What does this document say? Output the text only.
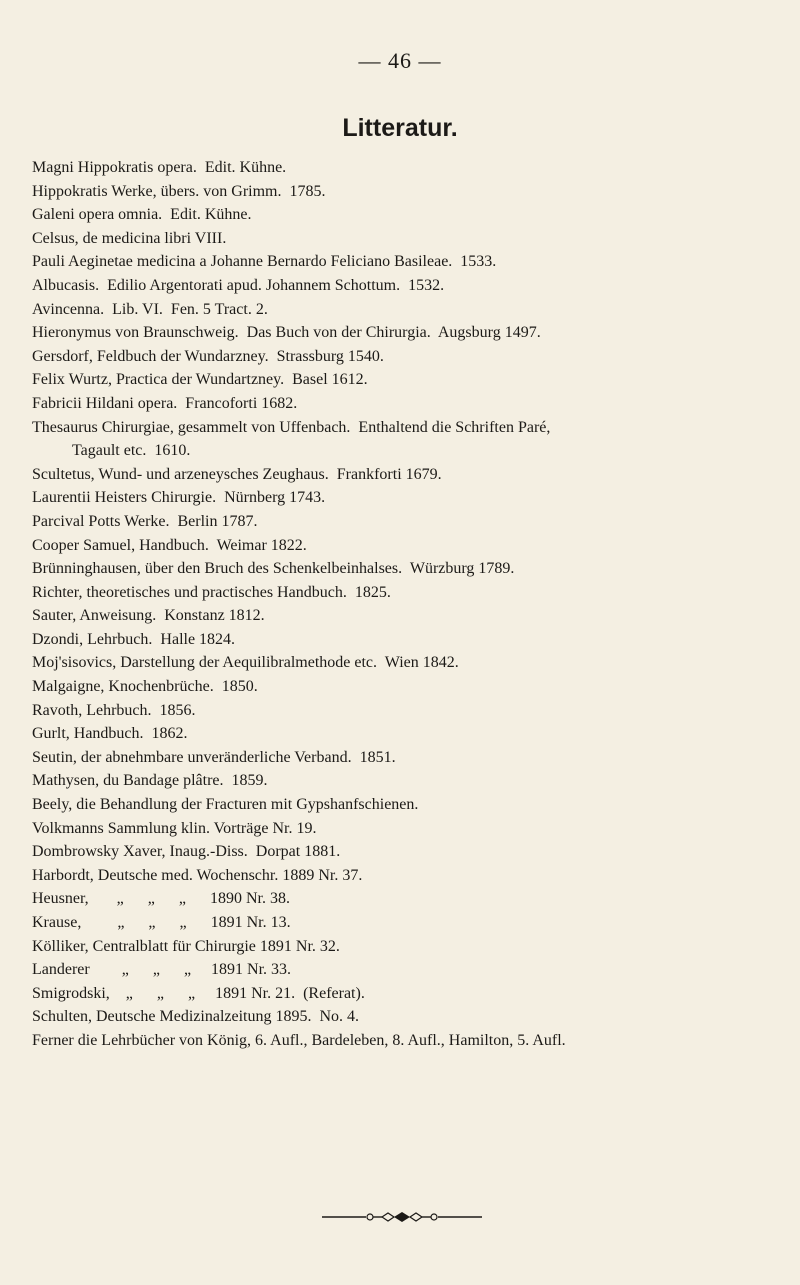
— 46 —
Litteratur.
Magni Hippokratis opera.  Edit. Kühne.
Hippokratis Werke, übers. von Grimm.  1785.
Galeni opera omnia.  Edit. Kühne.
Celsus, de medicina libri VIII.
Pauli Aeginetae medicina a Johanne Bernardo Feliciano Basileae.  1533.
Albucasis.  Edilio Argentorati apud. Johannem Schottum.  1532.
Avincenna.  Lib. VI.  Fen. 5 Tract. 2.
Hieronymus von Braunschweig.  Das Buch von der Chirurgia.  Augsburg 1497.
Gersdorf, Feldbuch der Wundarzney.  Strassburg 1540.
Felix Wurtz, Practica der Wundartzney.  Basel 1612.
Fabricii Hildani opera.  Francoforti 1682.
Thesaurus Chirurgiae, gesammelt von Uffenbach.  Enthaltend die Schriften Paré,
Tagault etc.  1610.
Scultetus, Wund- und arzeneysches Zeughaus.  Frankforti 1679.
Laurentii Heisters Chirurgie.  Nürnberg 1743.
Parcival Potts Werke.  Berlin 1787.
Cooper Samuel, Handbuch.  Weimar 1822.
Brünninghausen, über den Bruch des Schenkelbeinhalses.  Würzburg 1789.
Richter, theoretisches und practisches Handbuch.  1825.
Sauter, Anweisung.  Konstanz 1812.
Dzondi, Lehrbuch.  Halle 1824.
Moj'sisovics, Darstellung der Aequilibralmethode etc.  Wien 1842.
Malgaigne, Knochenbrüche.  1850.
Ravoth, Lehrbuch.  1856.
Gurlt, Handbuch.  1862.
Seutin, der abnehmbare unveränderliche Verband.  1851.
Mathysen, du Bandage plâtre.  1859.
Beely, die Behandlung der Fracturen mit Gypshanfschienen.
Volkmanns Sammlung klin. Vorträge Nr. 19.
Dombrowsky Xaver, Inaug.-Diss.  Dorpat 1881.
Harbordt, Deutsche med. Wochenschr. 1889 Nr. 37.
Heusner,       „      „      „      1890 Nr. 38.
Krause,         „      „      „      1891 Nr. 13.
Kölliker, Centralblatt für Chirurgie 1891 Nr. 32.
Landerer        „      „      „     1891 Nr. 33.
Smigrodski,    „      „      „     1891 Nr. 21.  (Referat).
Schulten, Deutsche Medizinalzeitung 1895.  No. 4.
Ferner die Lehrbücher von König, 6. Aufl., Bardeleben, 8. Aufl., Hamilton, 5. Aufl.
